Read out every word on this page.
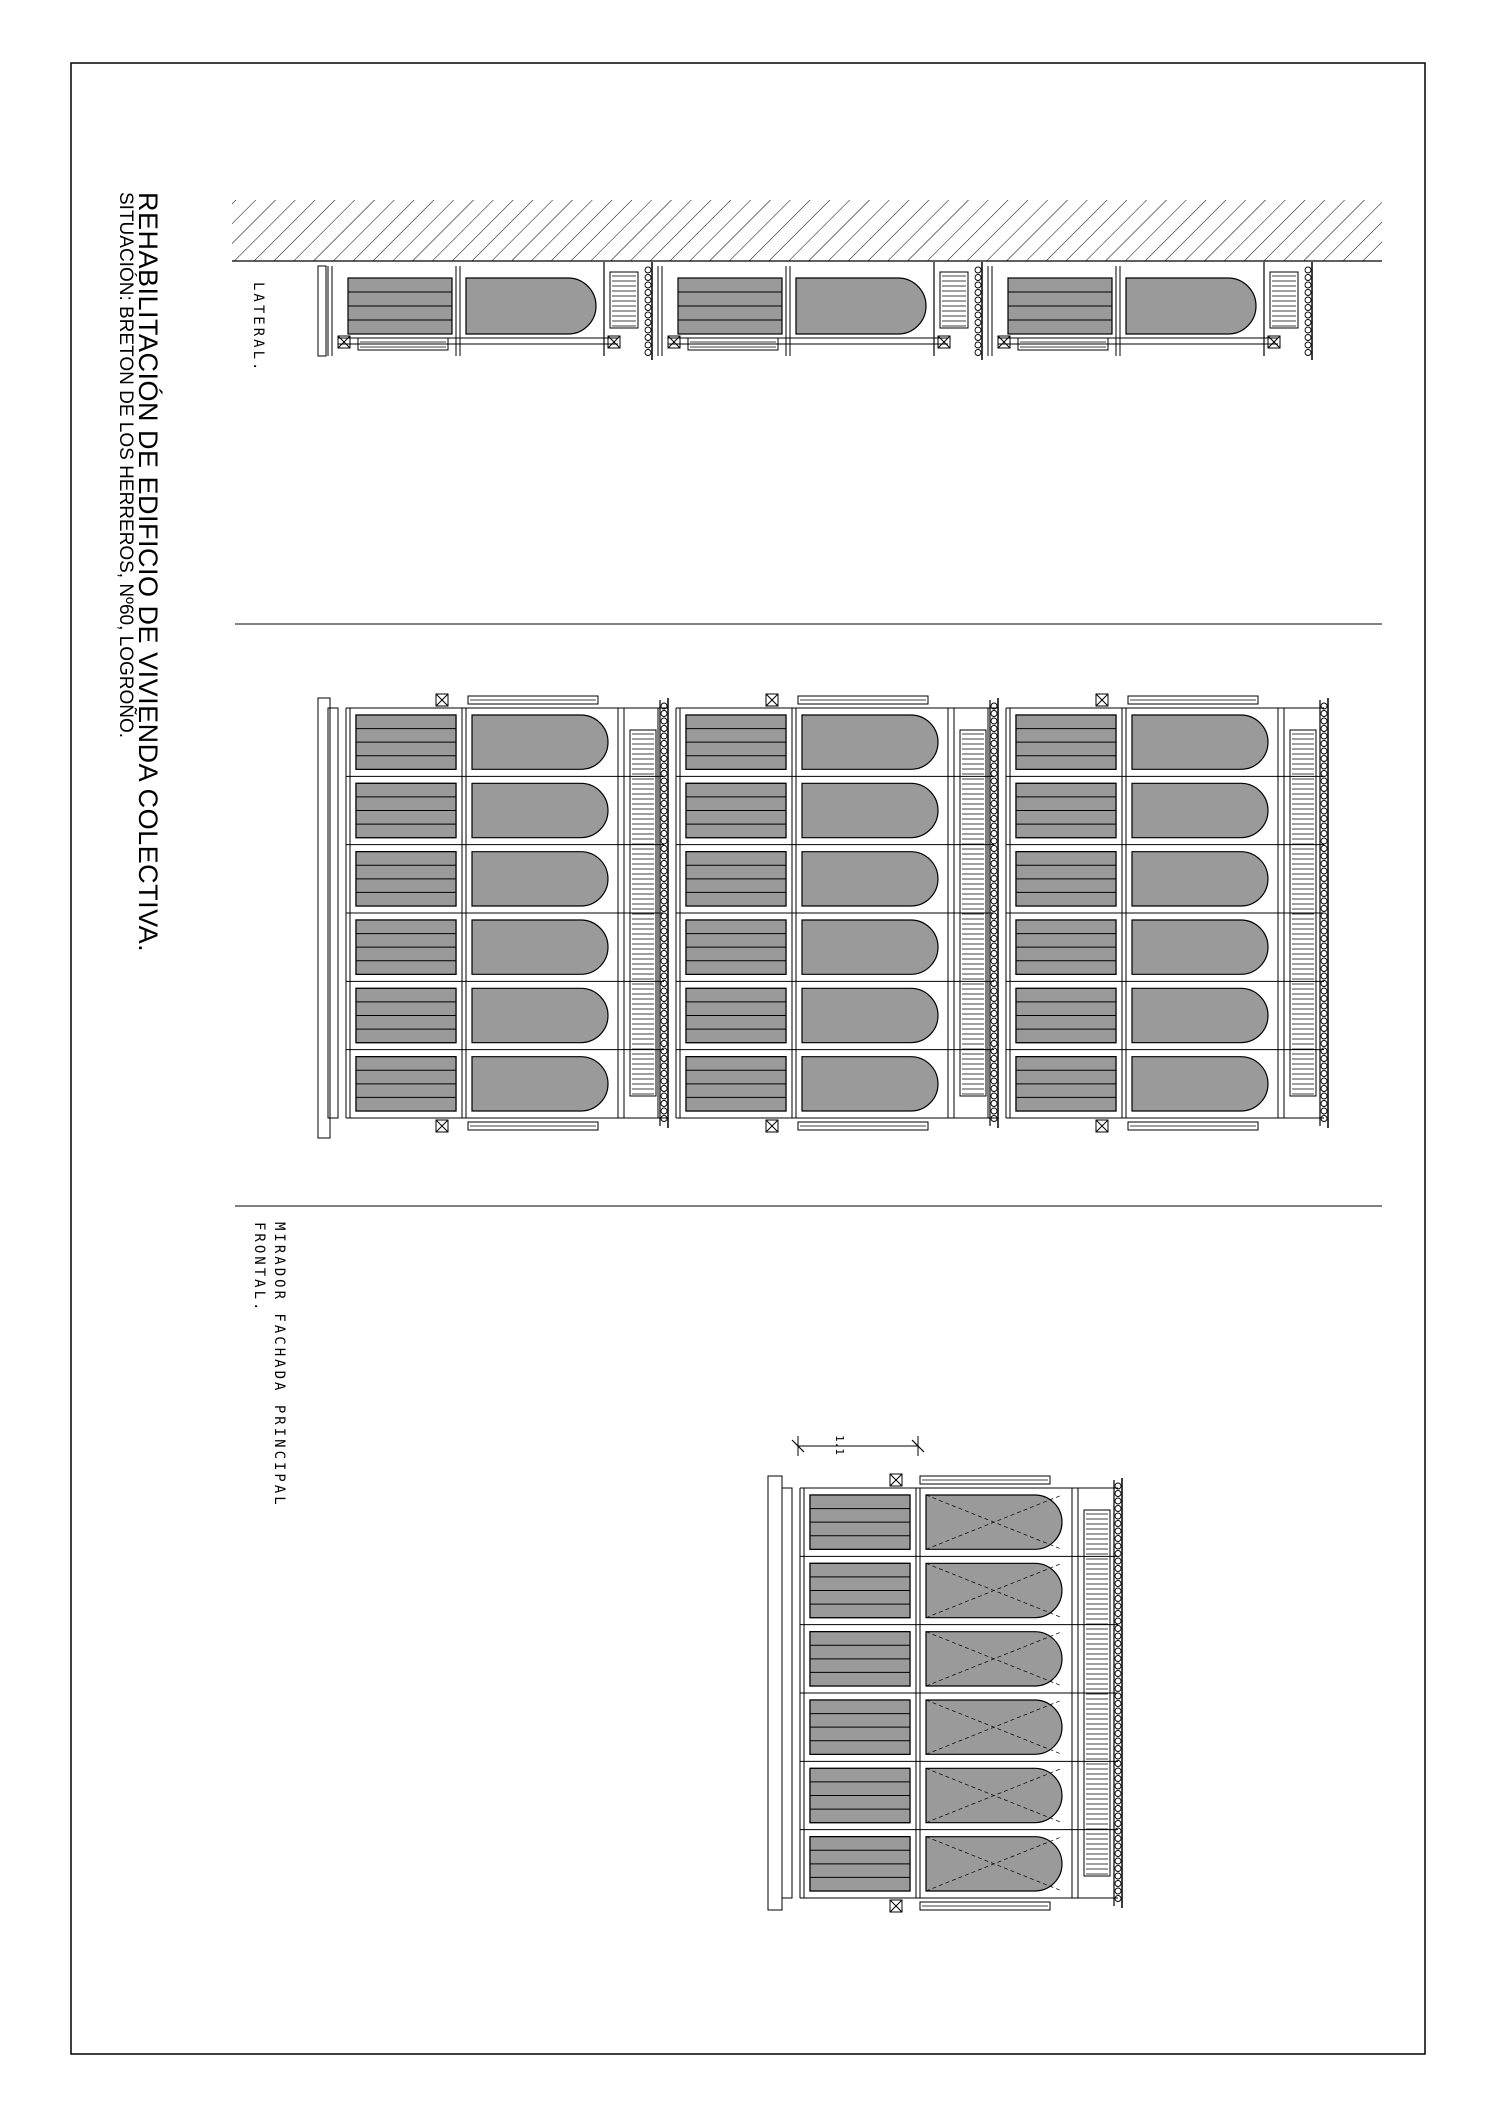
REHABILITACIÓN DE EDIFICIO DE VIVIENDA COLECTIVA.
SITUACIÓN: BRETON DE LOS HERREROS, Nº60, LOGROÑO.	LATERAL.
MIRADOR FACHADA PRINCIPAL
FRONTAL.
1.1
